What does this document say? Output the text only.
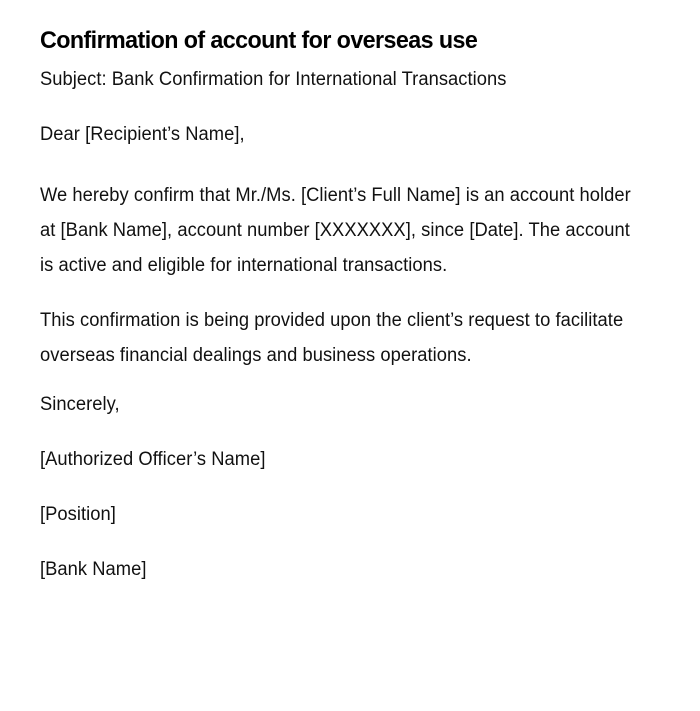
Confirmation of account for overseas use
Subject: Bank Confirmation for International Transactions
Dear [Recipient’s Name],
We hereby confirm that Mr./Ms. [Client’s Full Name] is an account holder at [Bank Name], account number [XXXXXXX], since [Date]. The account is active and eligible for international transactions.
This confirmation is being provided upon the client’s request to facilitate overseas financial dealings and business operations.
Sincerely,
[Authorized Officer’s Name]
[Position]
[Bank Name]
